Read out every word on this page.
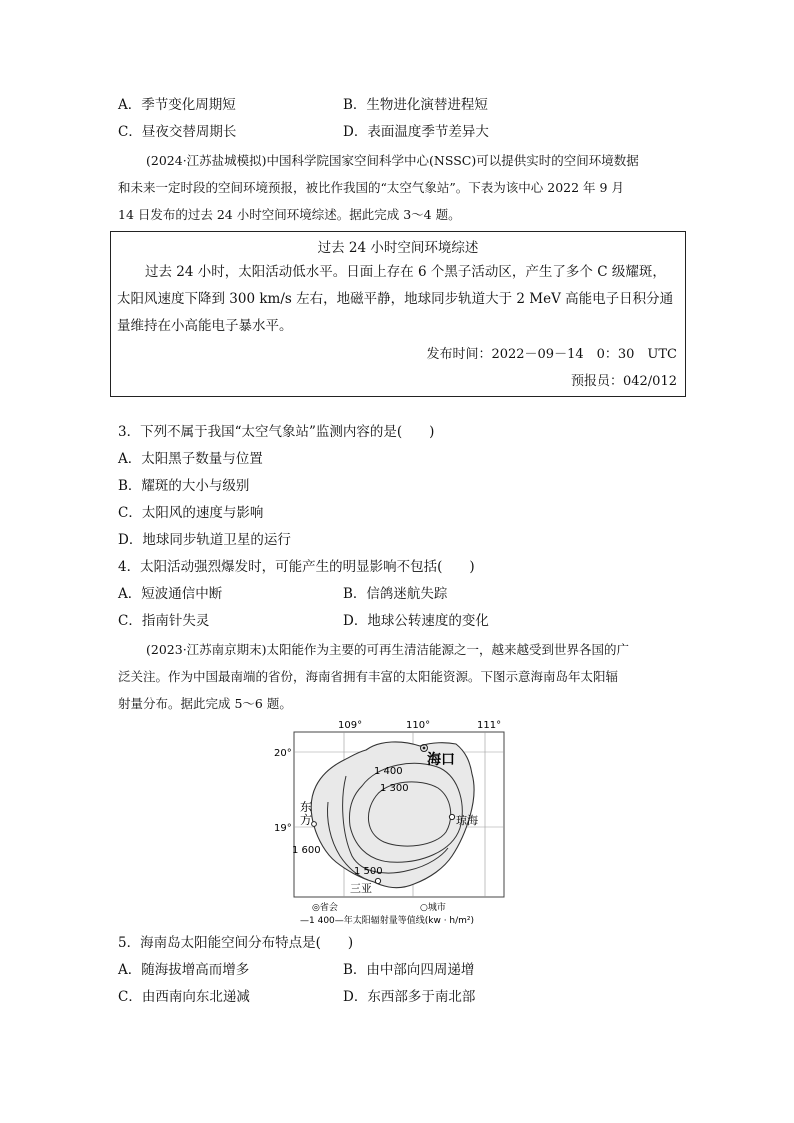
A．季节变化周期短	B．生物进化演替进程短
C．昼夜交替周期长	D．表面温度季节差异大
(2024·江苏盐城模拟)中国科学院国家空间科学中心(NSSC)可以提供实时的空间环境数据
和未来一定时段的空间环境预报，被比作我国的“太空气象站”。下表为该中心 2022 年 9 月
14 日发布的过去 24 小时空间环境综述。据此完成 3～4 题。
过去 24 小时空间环境综述
过去 24 小时，太阳活动低水平。日面上存在 6 个黑子活动区，产生了多个 C 级耀斑，太阳风速度下降到 300 km/s 左右，地磁平静，地球同步轨道大于 2 MeV 高能电子日积分通量维持在小高能电子暴水平。
发布时间：2022－09－14　0：30　UTC
预报员：042/012
3．下列不属于我国“太空气象站”监测内容的是(　　)
A．太阳黑子数量与位置
B．耀斑的大小与级别
C．太阳风的速度与影响
D．地球同步轨道卫星的运行
4．太阳活动强烈爆发时，可能产生的明显影响不包括(　　)
A．短波通信中断	B．信鸽迷航失踪
C．指南针失灵	D．地球公转速度的变化
(2023·江苏南京期末)太阳能作为主要的可再生清洁能源之一，越来越受到世界各国的广
泛关注。作为中国最南端的省份，海南省拥有丰富的太阳能资源。下图示意海南岛年太阳辐
射量分布。据此完成 5～6 题。
109°	110°	111°
20°
19°
海口
琼海
三亚
东
方
1 400
1 300
1 600
1 500
◎省会	○城市
—1 400—年太阳辐射量等值线(kw · h/m²)
5．海南岛太阳能空间分布特点是(　　)
A．随海拔增高而增多	B．由中部向四周递增
C．由西南向东北递减	D．东西部多于南北部
